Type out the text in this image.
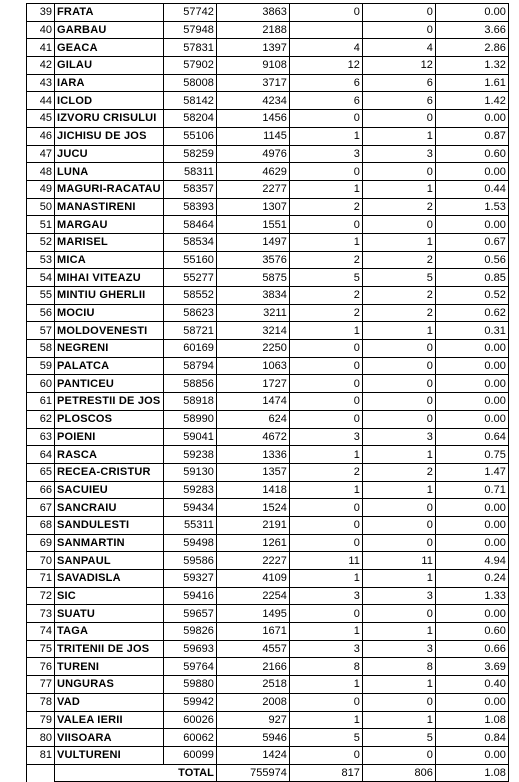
39	FRATA	57742	3863	0	0	0.00
40	GARBAU	57948	2188		0	3.66
41	GEACA	57831	1397	4	4	2.86
42	GILAU	57902	9108	12	12	1.32
43	IARA	58008	3717	6	6	1.61
44	ICLOD	58142	4234	6	6	1.42
45	IZVORU CRISULUI	58204	1456	0	0	0.00
46	JICHISU DE JOS	55106	1145	1	1	0.87
47	JUCU	58259	4976	3	3	0.60
48	LUNA	58311	4629	0	0	0.00
49	MAGURI-RACATAU	58357	2277	1	1	0.44
50	MANASTIRENI	58393	1307	2	2	1.53
51	MARGAU	58464	1551	0	0	0.00
52	MARISEL	58534	1497	1	1	0.67
53	MICA	55160	3576	2	2	0.56
54	MIHAI VITEAZU	55277	5875	5	5	0.85
55	MINTIU GHERLII	58552	3834	2	2	0.52
56	MOCIU	58623	3211	2	2	0.62
57	MOLDOVENESTI	58721	3214	1	1	0.31
58	NEGRENI	60169	2250	0	0	0.00
59	PALATCA	58794	1063	0	0	0.00
60	PANTICEU	58856	1727	0	0	0.00
61	PETRESTII DE JOS	58918	1474	0	0	0.00
62	PLOSCOS	58990	624	0	0	0.00
63	POIENI	59041	4672	3	3	0.64
64	RASCA	59238	1336	1	1	0.75
65	RECEA-CRISTUR	59130	1357	2	2	1.47
66	SACUIEU	59283	1418	1	1	0.71
67	SANCRAIU	59434	1524	0	0	0.00
68	SANDULESTI	55311	2191	0	0	0.00
69	SANMARTIN	59498	1261	0	0	0.00
70	SANPAUL	59586	2227	11	11	4.94
71	SAVADISLA	59327	4109	1	1	0.24
72	SIC	59416	2254	3	3	1.33
73	SUATU	59657	1495	0	0	0.00
74	TAGA	59826	1671	1	1	0.60
75	TRITENII DE JOS	59693	4557	3	3	0.66
76	TURENI	59764	2166	8	8	3.69
77	UNGURAS	59880	2518	1	1	0.40
78	VAD	59942	2008	0	0	0.00
79	VALEA IERII	60026	927	1	1	1.08
80	VIISOARA	60062	5946	5	5	0.84
81	VULTURENI	60099	1424	0	0	0.00
	TOTAL		755974	817	806	1.08
